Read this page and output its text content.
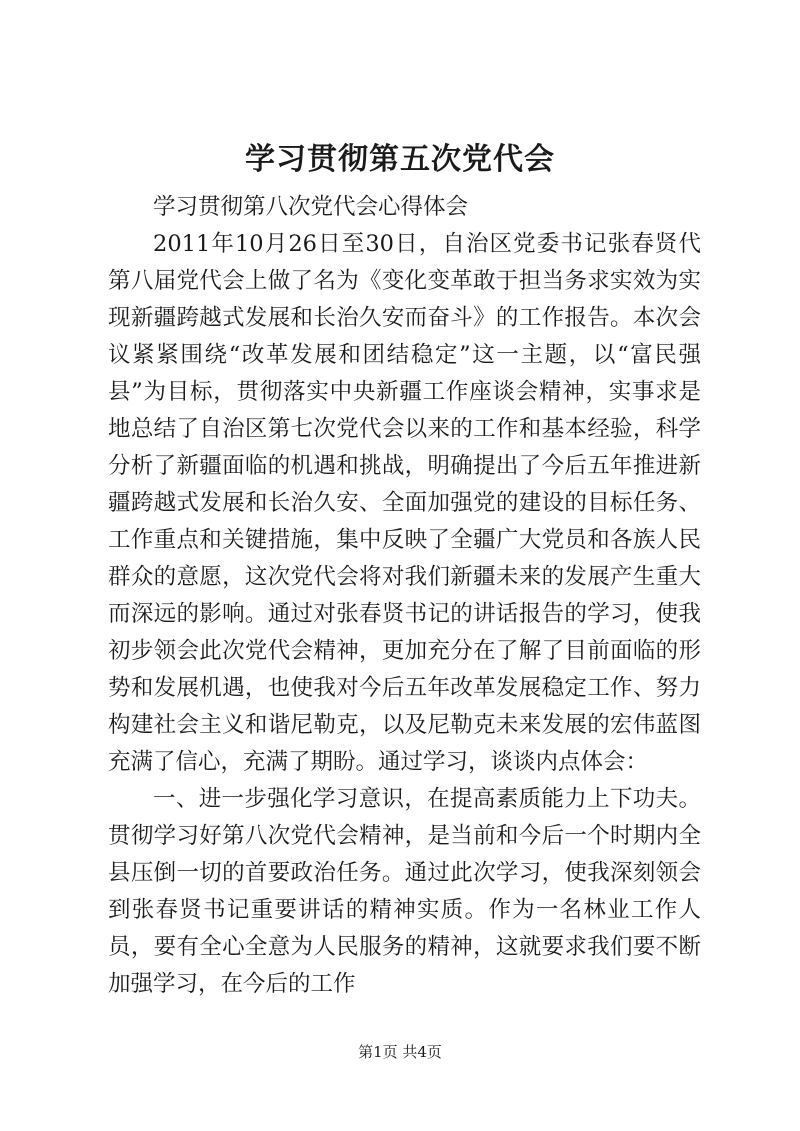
学习贯彻第五次党代会

学习贯彻第八次党代会心得体会

2011年10月26日至30日，自治区党委书记张春贤代第八届党代会上做了名为《变化变革敢于担当务求实效为实现新疆跨越式发展和长治久安而奋斗》的工作报告。本次会议紧紧围绕“改革发展和团结稳定”这一主题，以“富民强县”为目标，贯彻落实中央新疆工作座谈会精神，实事求是地总结了自治区第七次党代会以来的工作和基本经验，科学分析了新疆面临的机遇和挑战，明确提出了今后五年推进新疆跨越式发展和长治久安、全面加强党的建设的目标任务、工作重点和关键措施，集中反映了全疆广大党员和各族人民群众的意愿，这次党代会将对我们新疆未来的发展产生重大而深远的影响。通过对张春贤书记的讲话报告的学习，使我初步领会此次党代会精神，更加充分在了解了目前面临的形势和发展机遇，也使我对今后五年改革发展稳定工作、努力构建社会主义和谐尼勒克，以及尼勒克未来发展的宏伟蓝图充满了信心，充满了期盼。通过学习，谈谈内点体会：

一、进一步强化学习意识，在提高素质能力上下功夫。贯彻学习好第八次党代会精神，是当前和今后一个时期内全县压倒一切的首要政治任务。通过此次学习，使我深刻领会到张春贤书记重要讲话的精神实质。作为一名林业工作人员，要有全心全意为人民服务的精神，这就要求我们要不断加强学习，在今后的工作

第1页 共4页
